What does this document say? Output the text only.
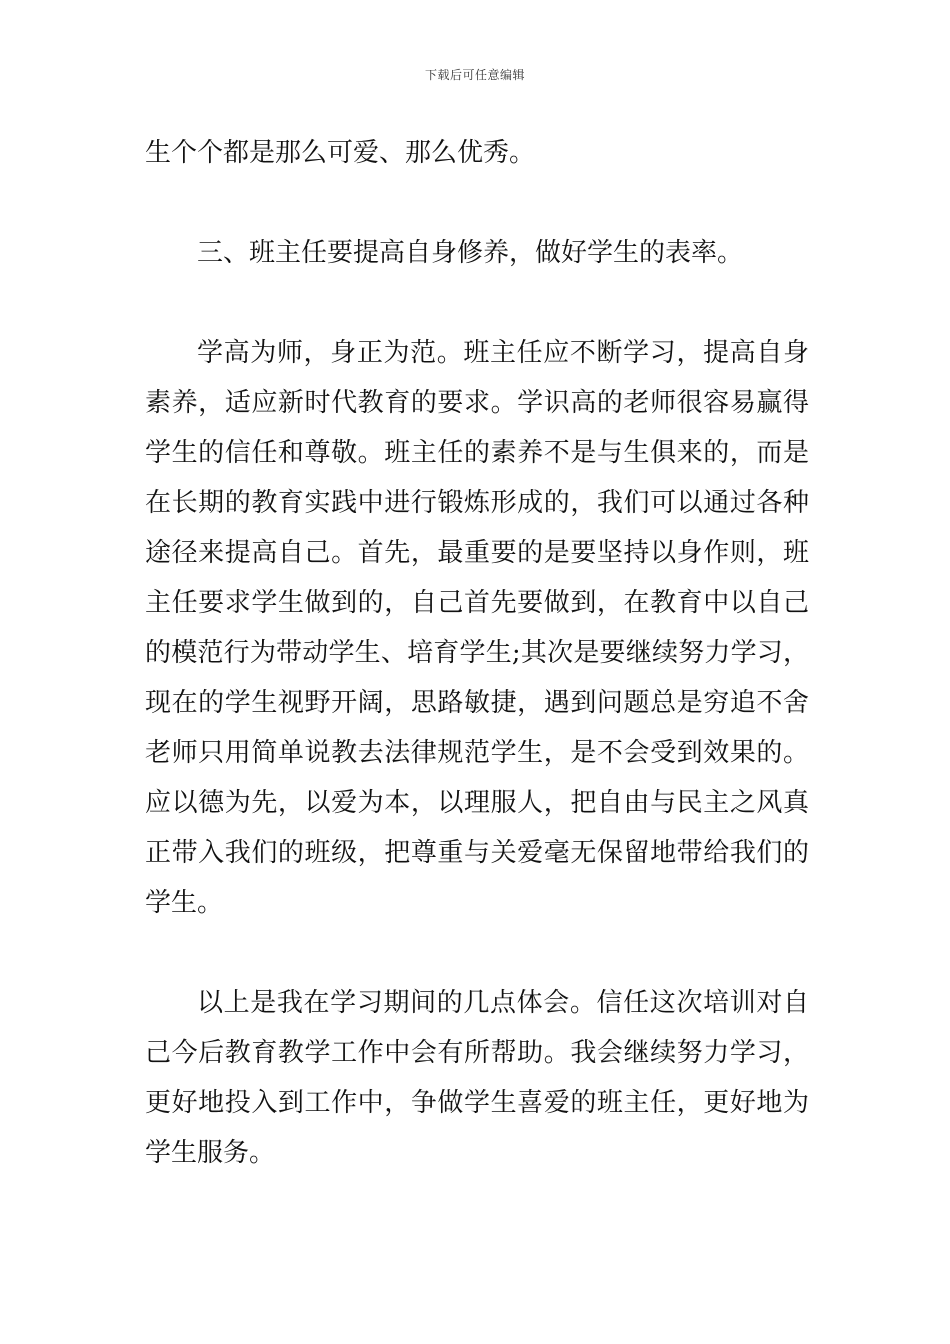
下载后可任意编辑

生个个都是那么可爱、那么优秀。

三、班主任要提高自身修养，做好学生的表率。

学高为师，身正为范。班主任应不断学习，提高自身素养，适应新时代教育的要求。学识高的老师很容易赢得学生的信任和尊敬。班主任的素养不是与生俱来的，而是在长期的教育实践中进行锻炼形成的，我们可以通过各种途径来提高自己。首先，最重要的是要坚持以身作则，班主任要求学生做到的，自己首先要做到，在教育中以自己的模范行为带动学生、培育学生;其次是要继续努力学习，现在的学生视野开阔，思路敏捷，遇到问题总是穷追不舍老师只用简单说教去法律规范学生，是不会受到效果的。应以德为先，以爱为本，以理服人，把自由与民主之风真正带入我们的班级，把尊重与关爱毫无保留地带给我们的学生。

以上是我在学习期间的几点体会。信任这次培训对自己今后教育教学工作中会有所帮助。我会继续努力学习，更好地投入到工作中，争做学生喜爱的班主任，更好地为学生服务。
